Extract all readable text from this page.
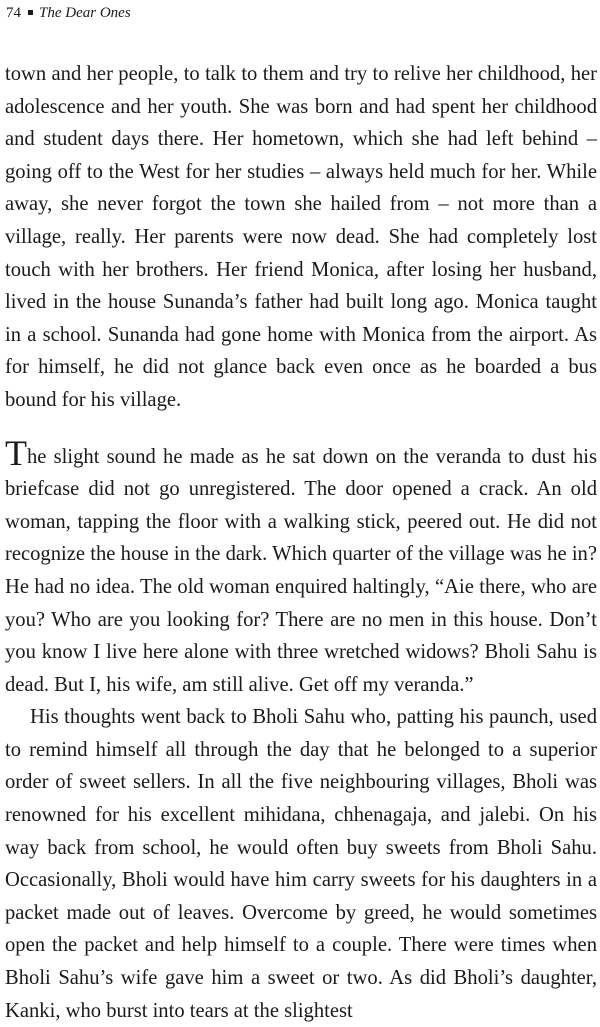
74 The Dear Ones

town and her people, to talk to them and try to relive her childhood, her adolescence and her youth. She was born and had spent her childhood and student days there. Her hometown, which she had left behind – going off to the West for her studies – always held much for her. While away, she never forgot the town she hailed from – not more than a village, really. Her parents were now dead. She had completely lost touch with her brothers. Her friend Monica, after losing her husband, lived in the house Sunanda’s father had built long ago. Monica taught in a school. Sunanda had gone home with Monica from the airport. As for himself, he did not glance back even once as he boarded a bus bound for his village.

The slight sound he made as he sat down on the veranda to dust his briefcase did not go unregistered. The door opened a crack. An old woman, tapping the floor with a walking stick, peered out. He did not recognize the house in the dark. Which quarter of the village was he in? He had no idea. The old woman enquired haltingly, “Aie there, who are you? Who are you looking for? There are no men in this house. Don’t you know I live here alone with three wretched widows? Bholi Sahu is dead. But I, his wife, am still alive. Get off my veranda.”

His thoughts went back to Bholi Sahu who, patting his paunch, used to remind himself all through the day that he belonged to a superior order of sweet sellers. In all the five neighbouring villages, Bholi was renowned for his excellent mihidana, chhenagaja, and jalebi. On his way back from school, he would often buy sweets from Bholi Sahu. Occasionally, Bholi would have him carry sweets for his daughters in a packet made out of leaves. Overcome by greed, he would sometimes open the packet and help himself to a couple. There were times when Bholi Sahu’s wife gave him a sweet or two. As did Bholi’s daughter, Kanki, who burst into tears at the slightest
